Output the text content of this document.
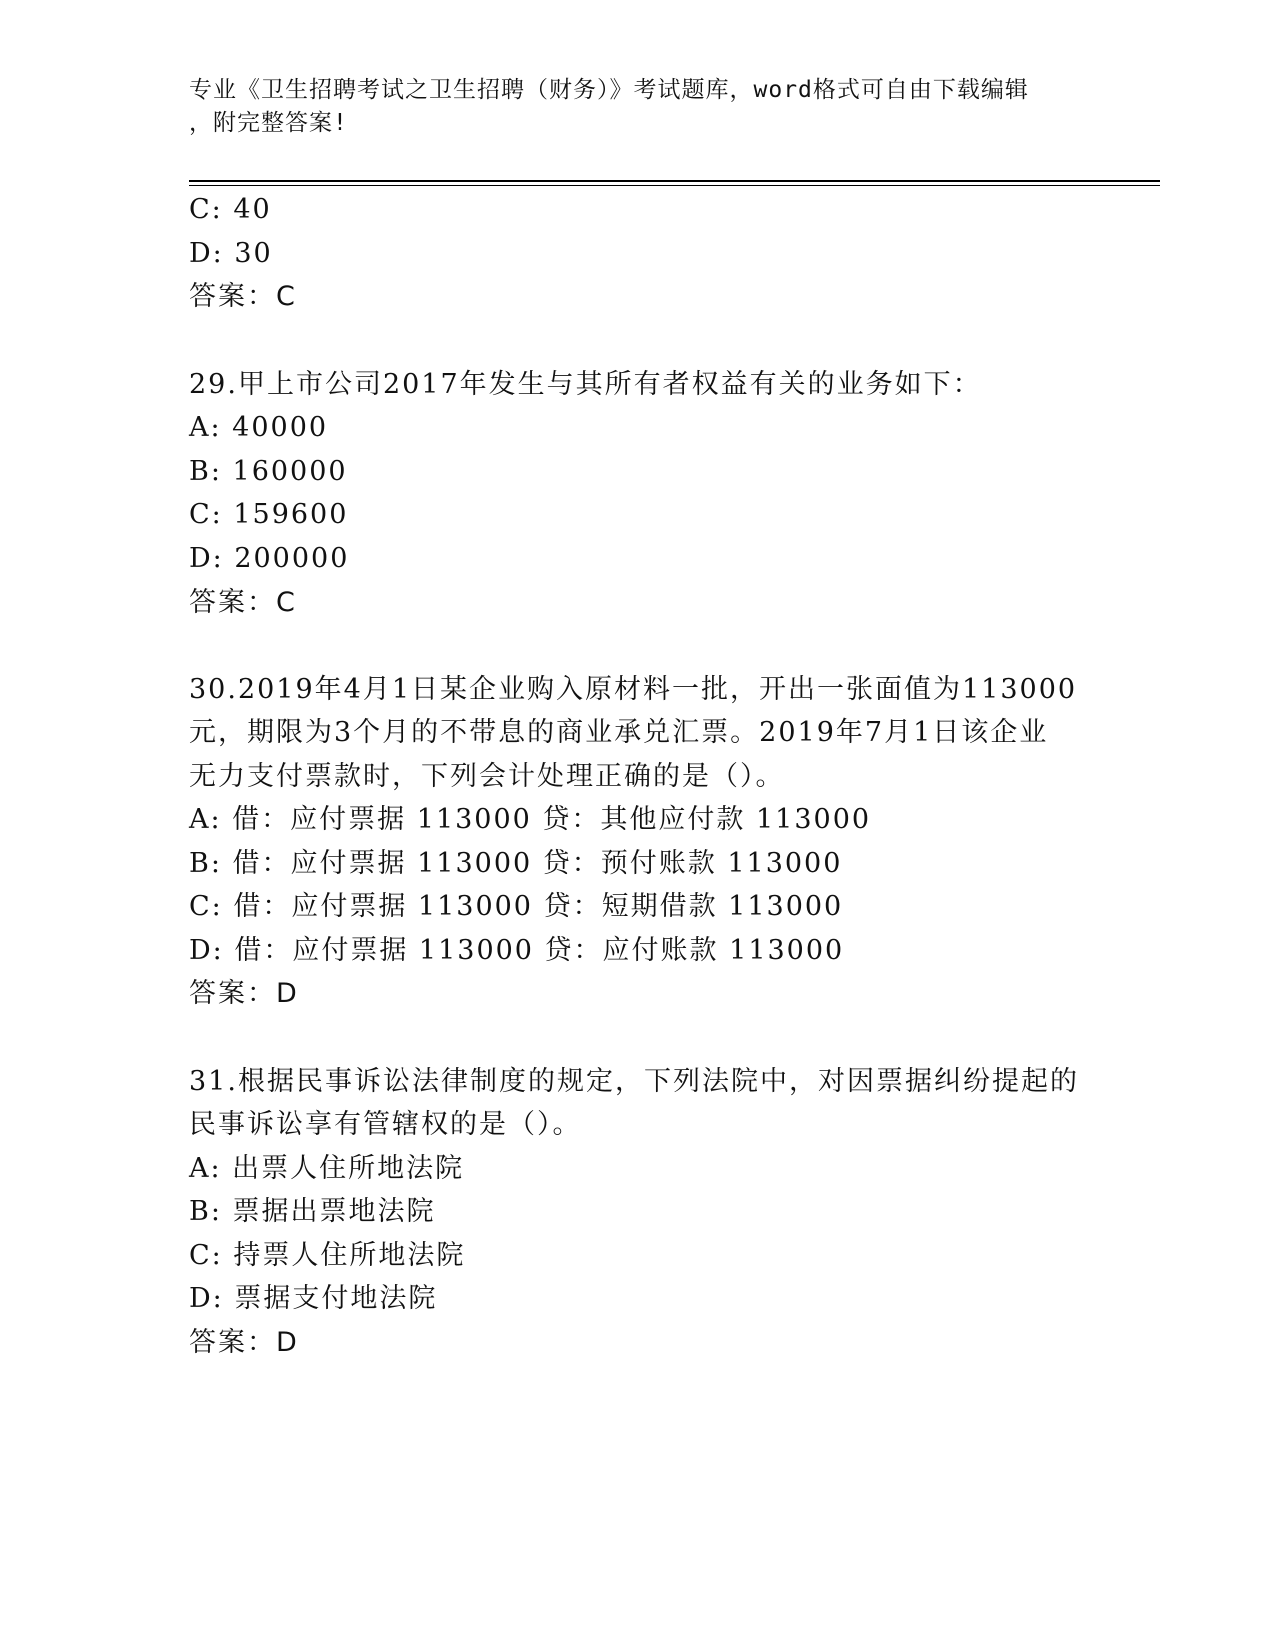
专业《卫生招聘考试之卫生招聘（财务）》考试题库，word格式可自由下载编辑
，附完整答案!
C: 40
D: 30
答案：C
29.甲上市公司2017年发生与其所有者权益有关的业务如下：
A: 40000
B: 160000
C: 159600
D: 200000
答案：C
30.2019年4月1日某企业购入原材料一批，开出一张面值为113000
元，期限为3个月的不带息的商业承兑汇票。2019年7月1日该企业
无力支付票款时，下列会计处理正确的是（）。
A: 借：应付票据 113000 贷：其他应付款 113000
B: 借：应付票据 113000 贷：预付账款 113000
C: 借：应付票据 113000 贷：短期借款 113000
D: 借：应付票据 113000 贷：应付账款 113000
答案：D
31.根据民事诉讼法律制度的规定，下列法院中，对因票据纠纷提起的
民事诉讼享有管辖权的是（）。
A: 出票人住所地法院
B: 票据出票地法院
C: 持票人住所地法院
D: 票据支付地法院
答案：D
